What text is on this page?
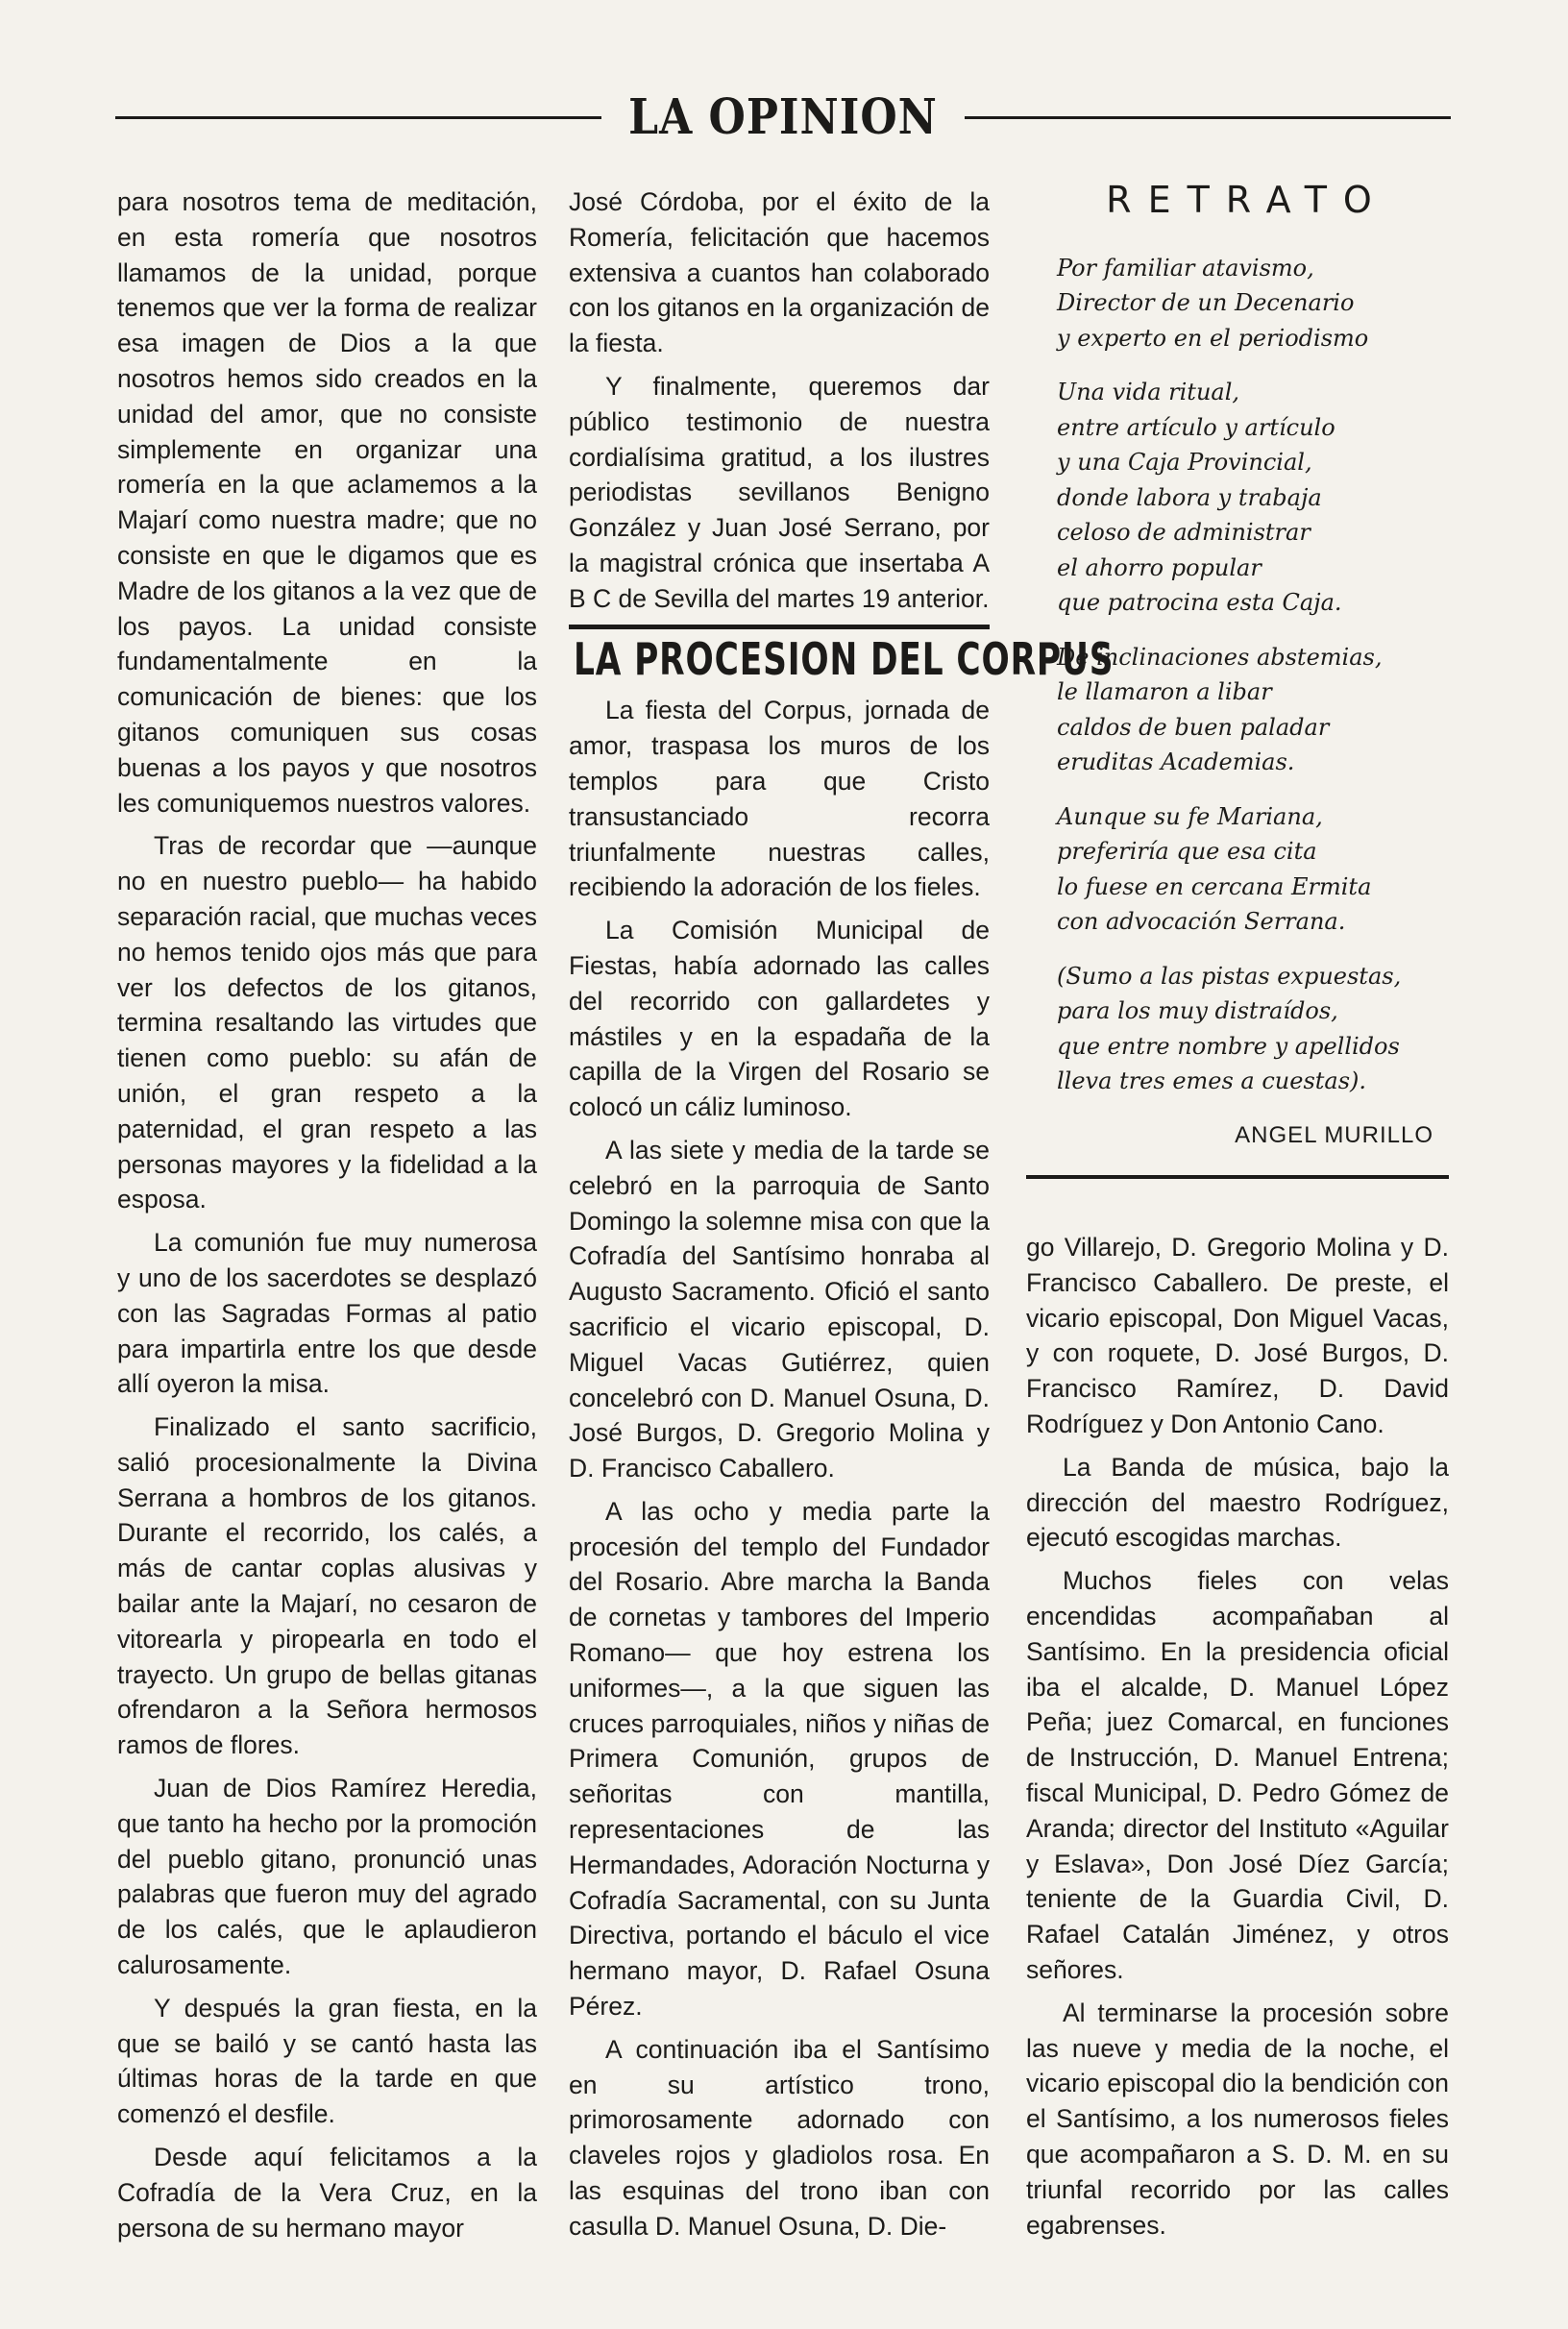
LA OPINION

para nosotros tema de meditación, en esta romería que nosotros llamamos de la unidad, porque tenemos que ver la forma de realizar esa imagen de Dios a la que nosotros hemos sido creados en la unidad del amor, que no consiste simplemente en organizar una romería en la que aclamemos a la Majarí como nuestra madre; que no consiste en que le digamos que es Madre de los gitanos a la vez que de los payos. La unidad consiste fundamentalmente en la comunicación de bienes: que los gitanos comuniquen sus cosas buenas a los payos y que nosotros les comuniquemos nuestros valores.

Tras de recordar que —aunque no en nuestro pueblo— ha habido separación racial, que muchas veces no hemos tenido ojos más que para ver los defectos de los gitanos, termina resaltando las virtudes que tienen como pueblo: su afán de unión, el gran respeto a la paternidad, el gran respeto a las personas mayores y la fidelidad a la esposa.

La comunión fue muy numerosa y uno de los sacerdotes se desplazó con las Sagradas Formas al patio para impartirla entre los que desde allí oyeron la misa.

Finalizado el santo sacrificio, salió procesionalmente la Divina Serrana a hombros de los gitanos. Durante el recorrido, los calés, a más de cantar coplas alusivas y bailar ante la Majarí, no cesaron de vitorearla y piropearla en todo el trayecto. Un grupo de bellas gitanas ofrendaron a la Señora hermosos ramos de flores.

Juan de Dios Ramírez Heredia, que tanto ha hecho por la promoción del pueblo gitano, pronunció unas palabras que fueron muy del agrado de los calés, que le aplaudieron calurosamente.

Y después la gran fiesta, en la que se bailó y se cantó hasta las últimas horas de la tarde en que comenzó el desfile.

Desde aquí felicitamos a la Cofradía de la Vera Cruz, en la persona de su hermano mayor

José Córdoba, por el éxito de la Romería, felicitación que hacemos extensiva a cuantos han colaborado con los gitanos en la organización de la fiesta.

Y finalmente, queremos dar público testimonio de nuestra cordialísima gratitud, a los ilustres periodistas sevillanos Benigno González y Juan José Serrano, por la magistral crónica que insertaba A B C de Sevilla del martes 19 anterior.

LA PROCESION DEL CORPUS

La fiesta del Corpus, jornada de amor, traspasa los muros de los templos para que Cristo transustanciado recorra triunfalmente nuestras calles, recibiendo la adoración de los fieles.

La Comisión Municipal de Fiestas, había adornado las calles del recorrido con gallardetes y mástiles y en la espadaña de la capilla de la Virgen del Rosario se colocó un cáliz luminoso.

A las siete y media de la tarde se celebró en la parroquia de Santo Domingo la solemne misa con que la Cofradía del Santísimo honraba al Augusto Sacramento. Ofició el santo sacrificio el vicario episcopal, D. Miguel Vacas Gutiérrez, quien concelebró con D. Manuel Osuna, D. José Burgos, D. Gregorio Molina y D. Francisco Caballero.

A las ocho y media parte la procesión del templo del Fundador del Rosario. Abre marcha la Banda de cornetas y tambores del Imperio Romano— que hoy estrena los uniformes—, a la que siguen las cruces parroquiales, niños y niñas de Primera Comunión, grupos de señoritas con mantilla, representaciones de las Hermandades, Adoración Nocturna y Cofradía Sacramental, con su Junta Directiva, portando el báculo el vice hermano mayor, D. Rafael Osuna Pérez.

A continuación iba el Santísimo en su artístico trono, primorosamente adornado con claveles rojos y gladiolos rosa. En las esquinas del trono iban con casulla D. Manuel Osuna, D. Die-

RETRATO
Por familiar atavismo,
Director de un Decenario
y experto en el periodismo
Una vida ritual,
entre artículo y artículo
y una Caja Provincial,
donde labora y trabaja
celoso de administrar
el ahorro popular
que patrocina esta Caja.
De inclinaciones abstemias,
le llamaron a libar
caldos de buen paladar
eruditas Academias.
Aunque su fe Mariana,
preferiría que esa cita
lo fuese en cercana Ermita
con advocación Serrana.
(Sumo a las pistas expuestas,
para los muy distraídos,
que entre nombre y apellidos
lleva tres emes a cuestas).
ANGEL MURILLO

go Villarejo, D. Gregorio Molina y D. Francisco Caballero. De preste, el vicario episcopal, Don Miguel Vacas, y con roquete, D. José Burgos, D. Francisco Ramírez, D. David Rodríguez y Don Antonio Cano.

La Banda de música, bajo la dirección del maestro Rodríguez, ejecutó escogidas marchas.

Muchos fieles con velas encendidas acompañaban al Santísimo. En la presidencia oficial iba el alcalde, D. Manuel López Peña; juez Comarcal, en funciones de Instrucción, D. Manuel Entrena; fiscal Municipal, D. Pedro Gómez de Aranda; director del Instituto «Aguilar y Eslava», Don José Díez García; teniente de la Guardia Civil, D. Rafael Catalán Jiménez, y otros señores.

Al terminarse la procesión sobre las nueve y media de la noche, el vicario episcopal dio la bendición con el Santísimo, a los numerosos fieles que acompañaron a S. D. M. en su triunfal recorrido por las calles egabrenses.
